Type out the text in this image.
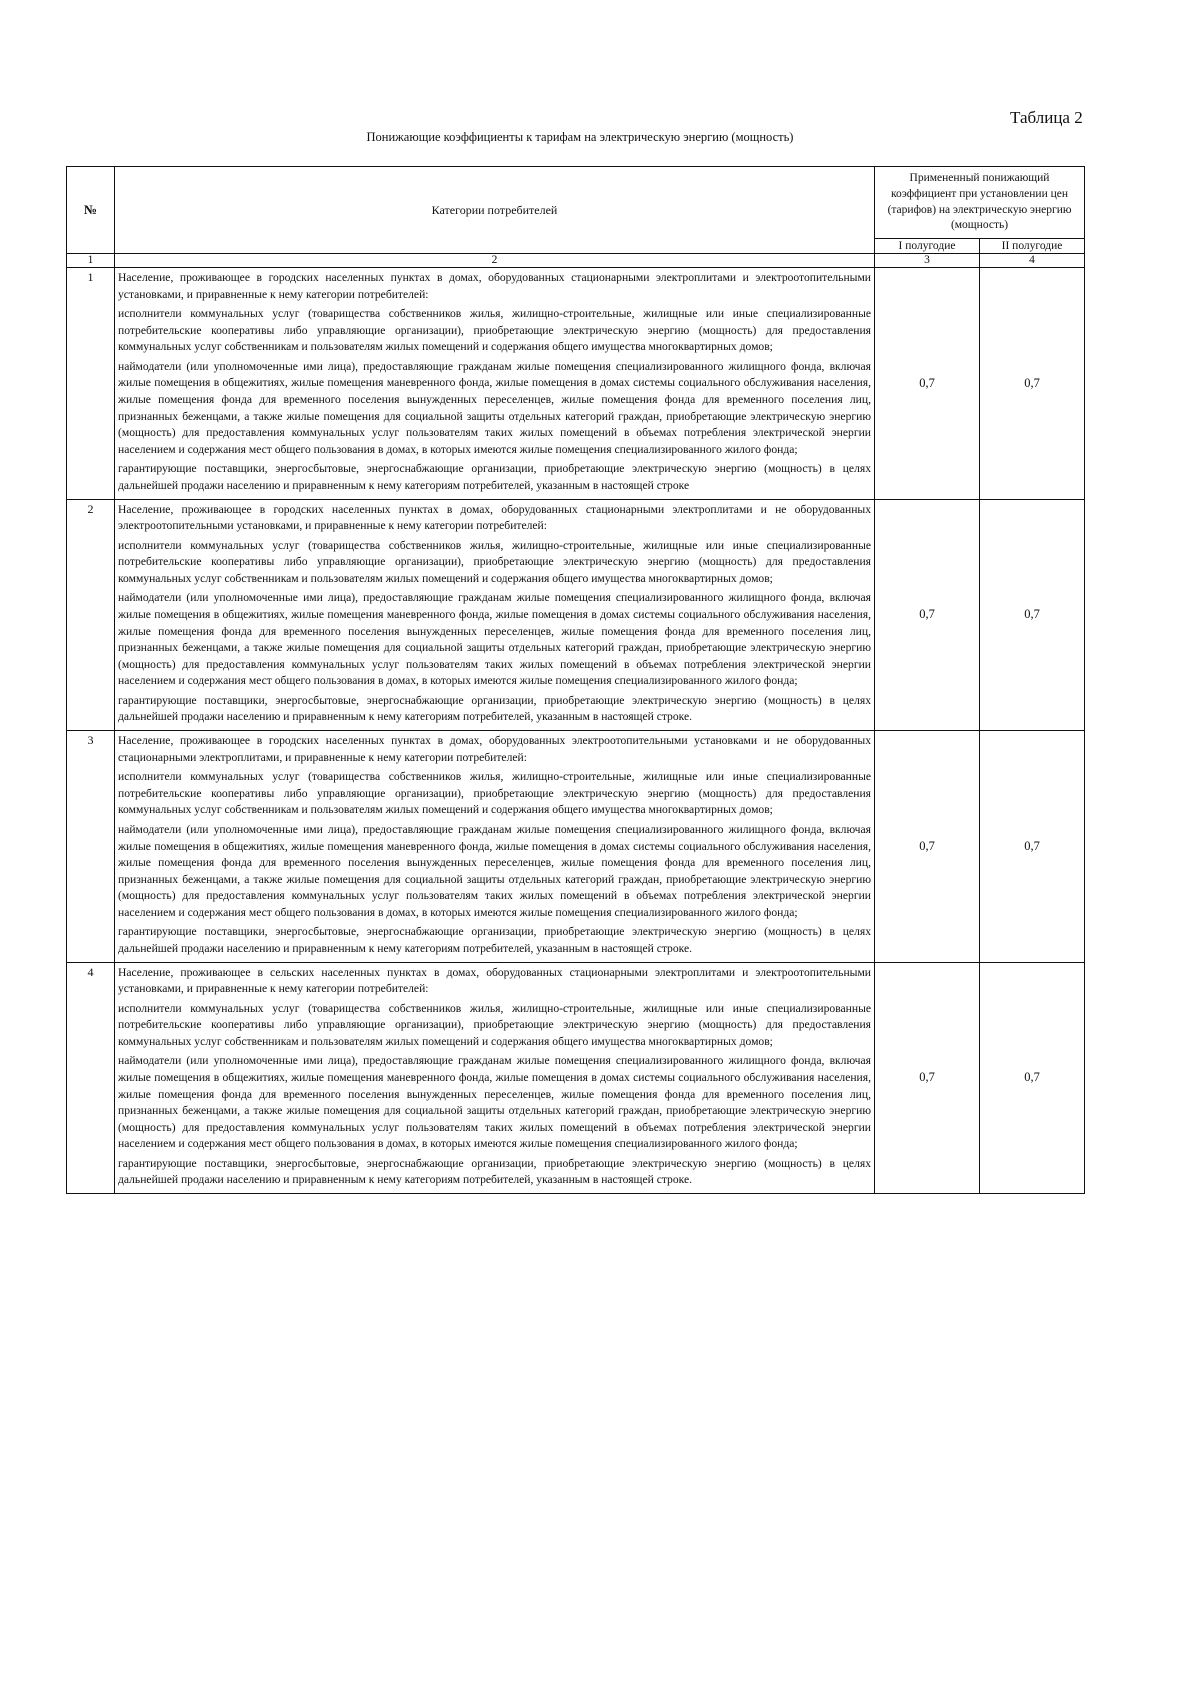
Таблица 2
Понижающие коэффициенты к тарифам на электрическую энергию (мощность)
№	Категории потребителей	Примененный понижающий коэффициент при установлении цен (тарифов) на электрическую энергию (мощность)	
		I полугодие	II полугодие
1	2	3	4
1	Население, проживающее в городских населенных пунктах в домах, оборудованных стационарными электроплитами и электроотопительными установками, и приравненные к нему категории потребителей:

исполнители коммунальных услуг (товарищества собственников жилья, жилищно-строительные, жилищные или иные специализированные потребительские кооперативы либо управляющие организации), приобретающие электрическую энергию (мощность) для предоставления коммунальных услуг собственникам и пользователям жилых помещений и содержания общего имущества многоквартирных домов;

наймодатели (или уполномоченные ими лица), предоставляющие гражданам жилые помещения специализированного жилищного фонда, включая жилые помещения в общежитиях, жилые помещения маневренного фонда, жилые помещения в домах системы социального обслуживания населения, жилые помещения фонда для временного поселения вынужденных переселенцев, жилые помещения фонда для временного поселения лиц, признанных беженцами, а также жилые помещения для социальной защиты отдельных категорий граждан, приобретающие электрическую энергию (мощность) для предоставления коммунальных услуг пользователям таких жилых помещений в объемах потребления электрической энергии населением и содержания мест общего пользования в домах, в которых имеются жилые помещения специализированного жилого фонда;

гарантирующие поставщики, энергосбытовые, энергоснабжающие организации, приобретающие электрическую энергию (мощность) в целях дальнейшей продажи населению и приравненным к нему категориям потребителей, указанным в настоящей строке	0,7	0,7
2	Население, проживающее в городских населенных пунктах в домах, оборудованных стационарными электроплитами и не оборудованных электроотопительными установками, и приравненные к нему категории потребителей:

исполнители коммунальных услуг (товарищества собственников жилья, жилищно-строительные, жилищные или иные специализированные потребительские кооперативы либо управляющие организации), приобретающие электрическую энергию (мощность) для предоставления коммунальных услуг собственникам и пользователям жилых помещений и содержания общего имущества многоквартирных домов;

наймодатели (или уполномоченные ими лица), предоставляющие гражданам жилые помещения специализированного жилищного фонда, включая жилые помещения в общежитиях, жилые помещения маневренного фонда, жилые помещения в домах системы социального обслуживания населения, жилые помещения фонда для временного поселения вынужденных переселенцев, жилые помещения фонда для временного поселения лиц, признанных беженцами, а также жилые помещения для социальной защиты отдельных категорий граждан, приобретающие электрическую энергию (мощность) для предоставления коммунальных услуг пользователям таких жилых помещений в объемах потребления электрической энергии населением и содержания мест общего пользования в домах, в которых имеются жилые помещения специализированного жилого фонда;

гарантирующие поставщики, энергосбытовые, энергоснабжающие организации, приобретающие электрическую энергию (мощность) в целях дальнейшей продажи населению и приравненным к нему категориям потребителей, указанным в настоящей строке.	0,7	0,7
3	Население, проживающее в городских населенных пунктах в домах, оборудованных электроотопительными установками и не оборудованных стационарными электроплитами, и приравненные к нему категории потребителей:

исполнители коммунальных услуг (товарищества собственников жилья, жилищно-строительные, жилищные или иные специализированные потребительские кооперативы либо управляющие организации), приобретающие электрическую энергию (мощность) для предоставления коммунальных услуг собственникам и пользователям жилых помещений и содержания общего имущества многоквартирных домов;

наймодатели (или уполномоченные ими лица), предоставляющие гражданам жилые помещения специализированного жилищного фонда, включая жилые помещения в общежитиях, жилые помещения маневренного фонда, жилые помещения в домах системы социального обслуживания населения, жилые помещения фонда для временного поселения вынужденных переселенцев, жилые помещения фонда для временного поселения лиц, признанных беженцами, а также жилые помещения для социальной защиты отдельных категорий граждан, приобретающие электрическую энергию (мощность) для предоставления коммунальных услуг пользователям таких жилых помещений в объемах потребления электрической энергии населением и содержания мест общего пользования в домах, в которых имеются жилые помещения специализированного жилого фонда;

гарантирующие поставщики, энергосбытовые, энергоснабжающие организации, приобретающие электрическую энергию (мощность) в целях дальнейшей продажи населению и приравненным к нему категориям потребителей, указанным в настоящей строке.	0,7	0,7
4	Население, проживающее в сельских населенных пунктах в домах, оборудованных стационарными электроплитами и электроотопительными установками, и приравненные к нему категории потребителей:

исполнители коммунальных услуг (товарищества собственников жилья, жилищно-строительные, жилищные или иные специализированные потребительские кооперативы либо управляющие организации), приобретающие электрическую энергию (мощность) для предоставления коммунальных услуг собственникам и пользователям жилых помещений и содержания общего имущества многоквартирных домов;

наймодатели (или уполномоченные ими лица), предоставляющие гражданам жилые помещения специализированного жилищного фонда, включая жилые помещения в общежитиях, жилые помещения маневренного фонда, жилые помещения в домах системы социального обслуживания населения, жилые помещения фонда для временного поселения вынужденных переселенцев, жилые помещения фонда для временного поселения лиц, признанных беженцами, а также жилые помещения для социальной защиты отдельных категорий граждан, приобретающие электрическую энергию (мощность) для предоставления коммунальных услуг пользователям таких жилых помещений в объемах потребления электрической энергии населением и содержания мест общего пользования в домах, в которых имеются жилые помещения специализированного жилого фонда;

гарантирующие поставщики, энергосбытовые, энергоснабжающие организации, приобретающие электрическую энергию (мощность) в целях дальнейшей продажи населению и приравненным к нему категориям потребителей, указанным в настоящей строке.	0,7	0,7
